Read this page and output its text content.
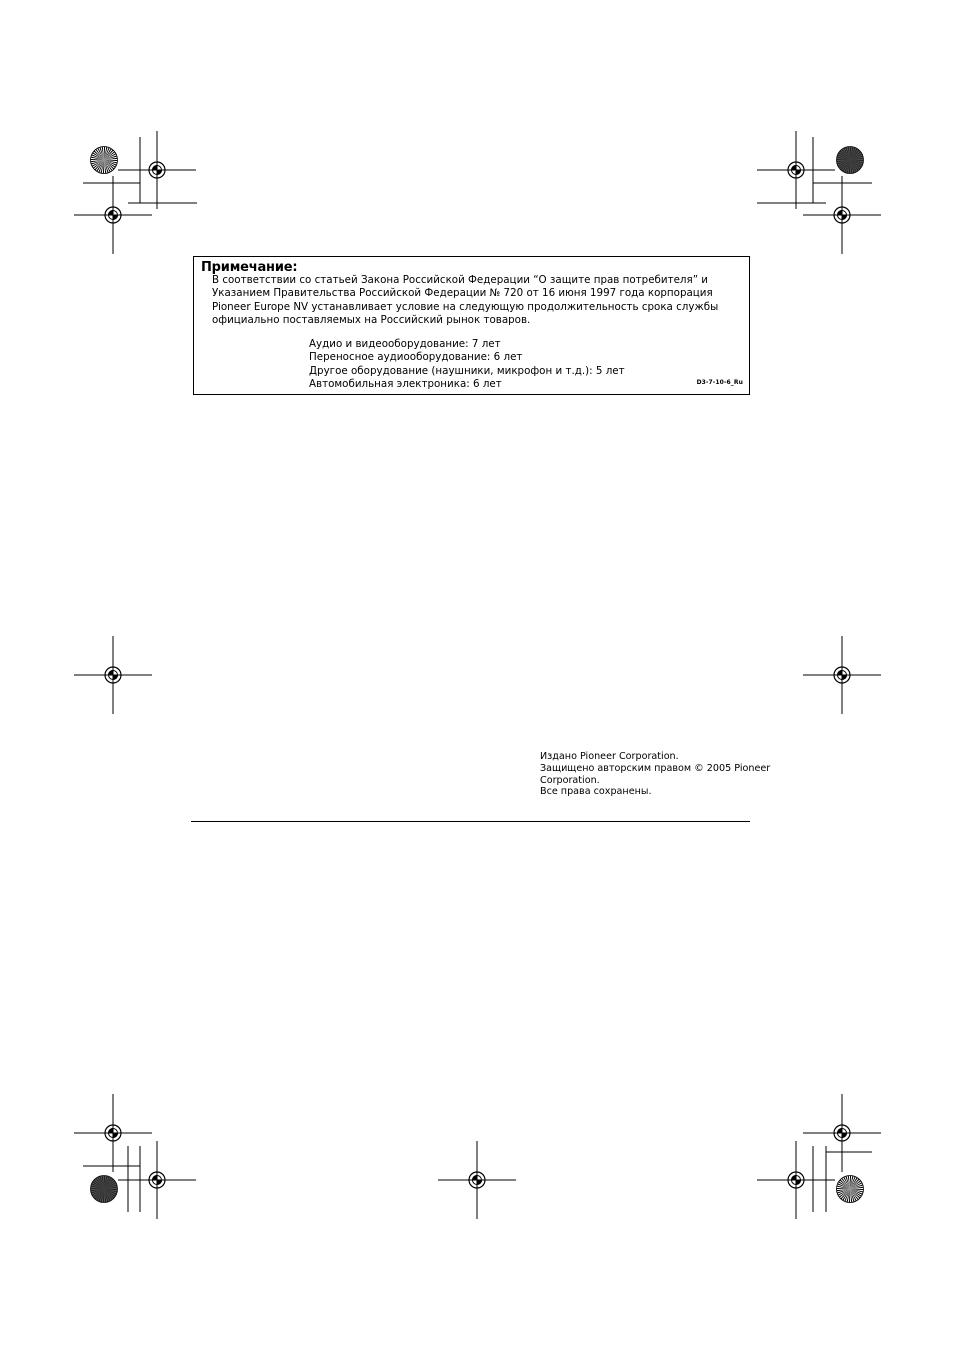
Примечание:

В соответствии со статьей Закона Российской Федерации “О защите прав потребителя” и
Указанием Правительства Российской Федерации № 720 от 16 июня 1997 года корпорация
Pioneer Europe NV устанавливает условие на следующую продолжительность срока службы
официально поставляемых на Российский рынок товаров.

Аудио и видеооборудование: 7 лет
Переносное аудиооборудование: 6 лет
Другое оборудование (наушники, микрофон и т.д.): 5 лет
Автомобильная электроника: 6 лет	D3-7-10-6_Ru
Издано Pioneer Corporation.
Защищено авторским правом © 2005 Pioneer
Corporation.
Все права сохранены.
